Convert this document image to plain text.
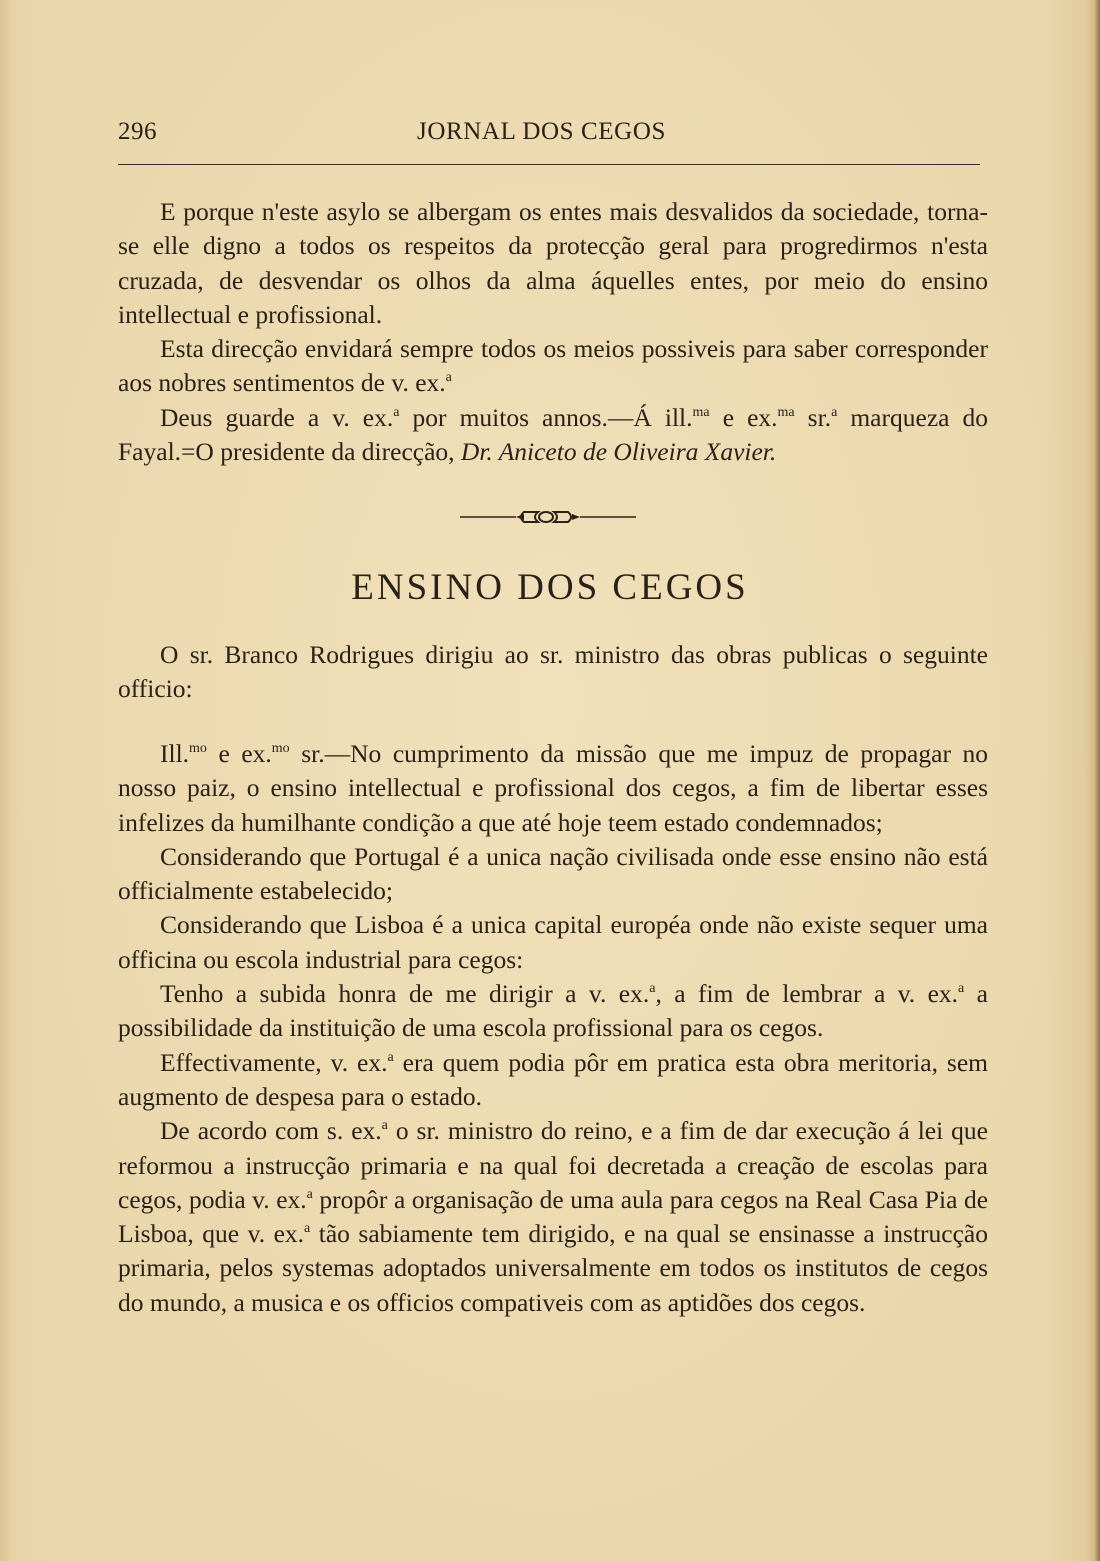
296	JORNAL DOS CEGOS

E porque n'este asylo se albergam os entes mais desvalidos da sociedade, torna-se elle digno a todos os respeitos da protecção geral para progredirmos n'esta cruzada, de desvendar os olhos da alma áquelles entes, por meio do ensino intellectual e profissional.

Esta direcção envidará sempre todos os meios possiveis para saber corresponder aos nobres sentimentos de v. ex.$^a$

Deus guarde a v. ex.$^a$ por muitos annos.—Á ill.$^{ma}$ e ex.$^{ma}$ sr.$^a$ marqueza do Fayal.=O presidente da direcção, Dr. Aniceto de Oliveira Xavier.

ENSINO DOS CEGOS

O sr. Branco Rodrigues dirigiu ao sr. ministro das obras publicas o seguinte officio:

Ill.$^{mo}$ e ex.$^{mo}$ sr.—No cumprimento da missão que me impuz de propagar no nosso paiz, o ensino intellectual e profissional dos cegos, a fim de libertar esses infelizes da humilhante condição a que até hoje teem estado condemnados;

Considerando que Portugal é a unica nação civilisada onde esse ensino não está officialmente estabelecido;

Considerando que Lisboa é a unica capital européa onde não existe sequer uma officina ou escola industrial para cegos:

Tenho a subida honra de me dirigir a v. ex.$^a$, a fim de lembrar a v. ex.$^a$ a possibilidade da instituição de uma escola profissional para os cegos.

Effectivamente, v. ex.$^a$ era quem podia pôr em pratica esta obra meritoria, sem augmento de despesa para o estado.

De acordo com s. ex.$^a$ o sr. ministro do reino, e a fim de dar execução á lei que reformou a instrucção primaria e na qual foi decretada a creação de escolas para cegos, podia v. ex.$^a$ propôr a organisação de uma aula para cegos na Real Casa Pia de Lisboa, que v. ex.$^a$ tão sabiamente tem dirigido, e na qual se ensinasse a instrucção primaria, pelos systemas adoptados universalmente em todos os institutos de cegos do mundo, a musica e os officios compativeis com as aptidões dos cegos.
